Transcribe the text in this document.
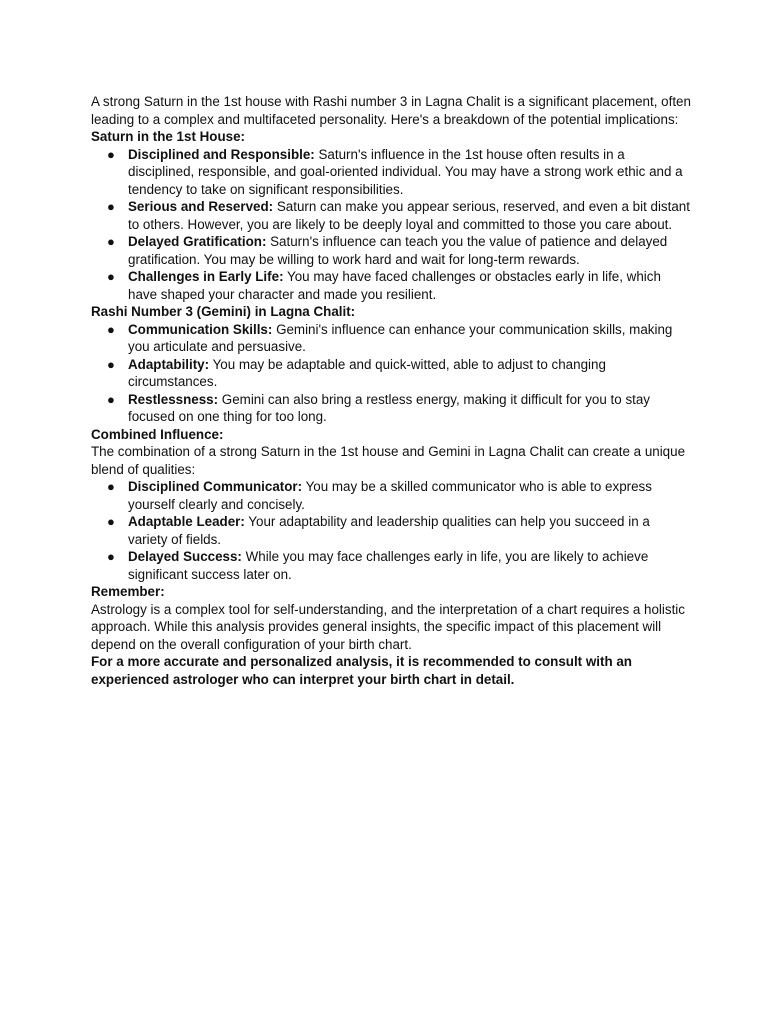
A strong Saturn in the 1st house with Rashi number 3 in Lagna Chalit is a significant placement, often leading to a complex and multifaceted personality. Here's a breakdown of the potential implications:

Saturn in the 1st House:

● Disciplined and Responsible: Saturn's influence in the 1st house often results in a disciplined, responsible, and goal-oriented individual. You may have a strong work ethic and a tendency to take on significant responsibilities.
● Serious and Reserved: Saturn can make you appear serious, reserved, and even a bit distant to others. However, you are likely to be deeply loyal and committed to those you care about.
● Delayed Gratification: Saturn's influence can teach you the value of patience and delayed gratification. You may be willing to work hard and wait for long-term rewards.
● Challenges in Early Life: You may have faced challenges or obstacles early in life, which have shaped your character and made you resilient.

Rashi Number 3 (Gemini) in Lagna Chalit:

● Communication Skills: Gemini's influence can enhance your communication skills, making you articulate and persuasive.
● Adaptability: You may be adaptable and quick-witted, able to adjust to changing circumstances.
● Restlessness: Gemini can also bring a restless energy, making it difficult for you to stay focused on one thing for too long.

Combined Influence:

The combination of a strong Saturn in the 1st house and Gemini in Lagna Chalit can create a unique blend of qualities:

● Disciplined Communicator: You may be a skilled communicator who is able to express yourself clearly and concisely.
● Adaptable Leader: Your adaptability and leadership qualities can help you succeed in a variety of fields.
● Delayed Success: While you may face challenges early in life, you are likely to achieve significant success later on.

Remember:

Astrology is a complex tool for self-understanding, and the interpretation of a chart requires a holistic approach. While this analysis provides general insights, the specific impact of this placement will depend on the overall configuration of your birth chart.

For a more accurate and personalized analysis, it is recommended to consult with an experienced astrologer who can interpret your birth chart in detail.
